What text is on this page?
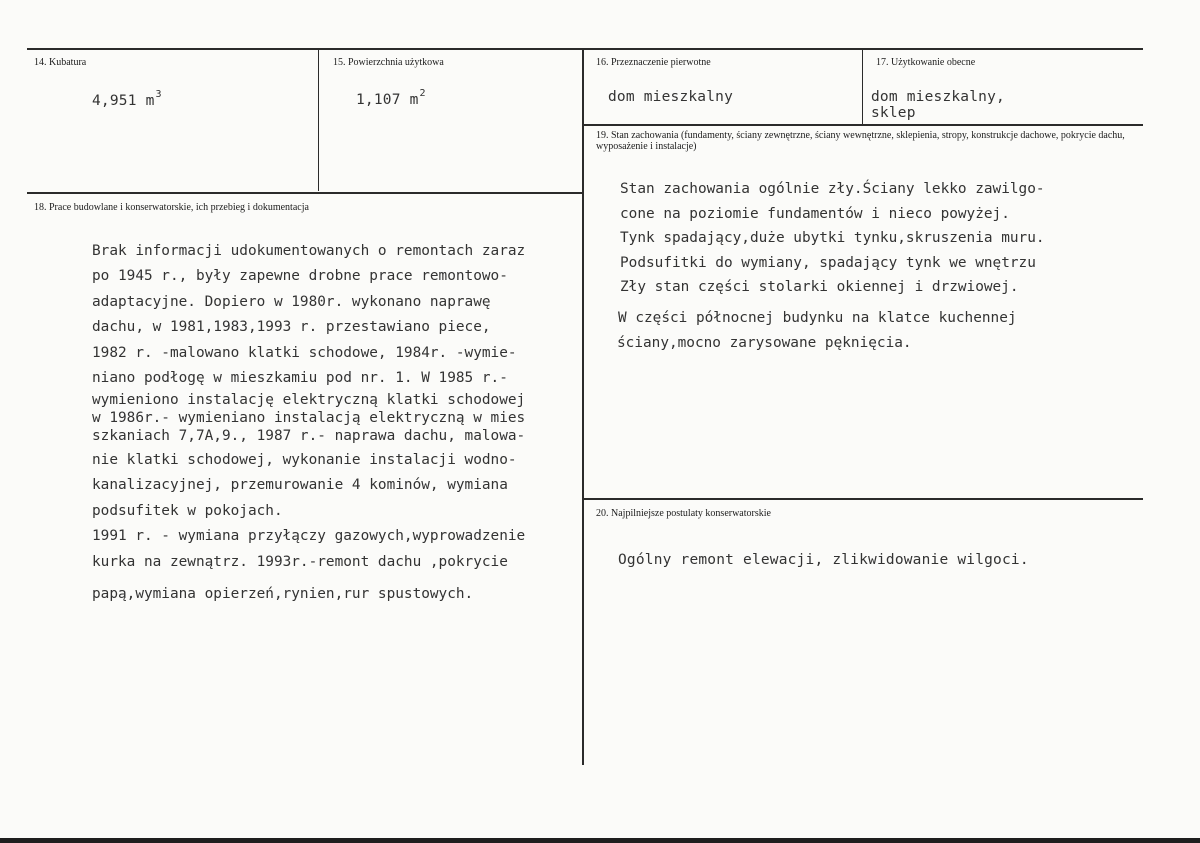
14. Kubatura
4,951 $m^3$
15. Powierzchnia użytkowa
1,107 $m^2$
16. Przeznaczenie pierwotne
dom mieszkalny
17. Użytkowanie obecne
dom mieszkalny,
sklep
18. Prace budowlane i konserwatorskie, ich przebieg i dokumentacja
Brak informacji udokumentowanych o remontach zaraz
po 1945 r., były zapewne drobne prace remontowo-
adaptacyjne. Dopiero w 1980r. wykonano naprawę
dachu, w 1981,1983,1993 r. przestawiano piece,
1982 r. -malowano klatki schodowe, 1984r. -wymie-
niano podłogę w mieszkamiu pod nr. 1. W 1985 r.-
wymieniono instalację elektryczną klatki schodowej
w 1986r.- wymieniano instalacją elektryczną w mies
szkaniach 7,7A,9., 1987 r.- naprawa dachu, malowa-
nie klatki schodowej, wykonanie instalacji wodno-
kanalizacyjnej, przemurowanie 4 kominów, wymiana
podsufitek w pokojach.
1991 r. - wymiana przyłączy gazowych,wyprowadzenie
kurka na zewnątrz. 1993r.-remont dachu ,pokrycie
papą,wymiana opierzeń,rynien,rur spustowych.
19. Stan zachowania (fundamenty, ściany zewnętrzne, ściany wewnętrzne, sklepienia, stropy, konstrukcje dachowe, pokrycie dachu, wyposażenie i instalacje)
Stan zachowania ogólnie zły.Ściany lekko zawilgo-
cone na poziomie fundamentów i nieco powyżej.
Tynk spadający,duże ubytki tynku,skruszenia muru.
Podsufitki do wymiany, spadający tynk we wnętrzu
Zły stan części stolarki okiennej i drzwiowej.
W części północnej budynku na klatce kuchennej
ściany,mocno zarysowane pęknięcia.
20. Najpilniejsze postulaty konserwatorskie
Ogólny remont elewacji, zlikwidowanie wilgoci.
